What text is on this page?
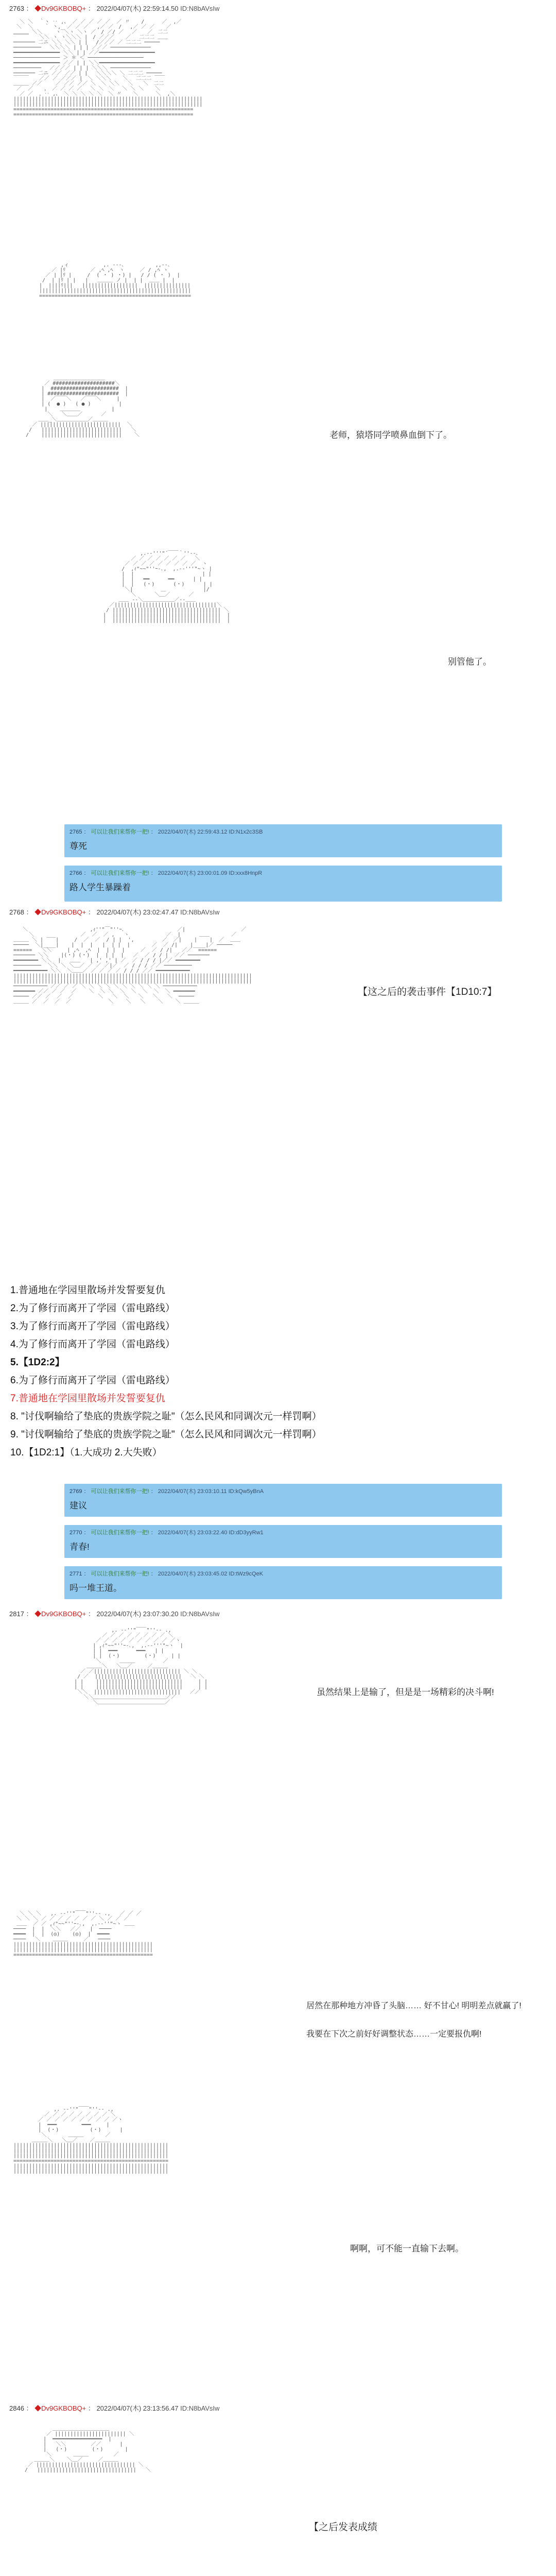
2763 ： ◆Dv9GKBOBQ+ ： 2022/04/07(木) 22:59:14.50 ID:N8bAVsIw

＼ ＼  ｀ヽ ‥ ,、 ／ ／ ／ ／ ／  ／ 〃 　 /   　 ／  ,／
＼  ＼ 　 ｀ 丶,_ ／ ／ ／　 ,／ ／　/　 ,／ ／ ／ 　 ／
＿＿＿ ＼＼　　 ヽ ＼ヽ ＼ヽ ／　/ ／/ ／ 　／　　／　二二
￣￣￣　　＼＼ ヽ ヽ＼＼＼ |　/ ／／／ 　 ／　 二二二 ＿＿
─────── 二ニ ＼＼ ＼＼ | | 　/／／／ ／ 二二二 ─────
─────────　 ＼＼＼＼ | | | ／／／ ─────────────
━━━━━━━━━━━━━━━ ＼＼ | | ／／━━━━━━━━━━━━━━━━━━
─────────────── ＞ ＊ ＜ ──────────────────
━━━━━━━━━━━━━━━ ／／ | | ＼＼━━━━━━━━━━━━━━━━━━
─────────　 ／／／／ | | | ＼＼＼ ─────────────
─────── 二ニ ／／ ／／ | | 　＼＼＼＼ ＼ 二二二 ─────
￣￣￣　　／／ ／ ／／／ |　＼ ＼＼＼ 　 ＼　 二二二 ￣￣
＿＿＿ ／／　　 ／ ／／ ／／ ＼　＼ ＼＼ 　＼　　＼　二二
／  ／ 　 ，　／ ／ ／ ／　 ＼ ＼　＼　 ＼ ＼ ＼ 　 ＼
／ ／  ，‥ ,、 ＼ ＼ ＼ ＼ ＼  ＼ 〃 　 ＼   　 ＼  ,＼
|||||||||||||||||||||||||||||||||||||||||||||||||||||||||||||
|||||||||||||||||||||||||||||||||||||||||||||||||||||||||||||
==========================================================
==========================================================

,ィ           ,. -‐-､          ,,-‐､
／ |ﾘ        ／ ,ﾍ ,ﾍ  ヽ     ／ / ,ﾍ ヽ
／ | |ﾘ |     /  ( ・ ) ・) |   / / ( ・ )  |
/  | |ﾘ | |   |   ＿＿＿ ノ |  | |  ＿＿ |  |
|  ||||ﾘ|||   ||||||||||||||||||  |||||||||||||||
|||||||||||||||||||||||||||||||||||||||||||||||||
=================================================

＿＿＿＿＿＿＿＿＿＿
／ ####################＼
|  ######################  |
| #######################  |
|  ／￣￣＼   ／￣￣＼     |
| (  ● )   ( ● )         |
|    ＿＿＿＿          |
＼   ＼＿＿／      ／
＿＿_＼＿＿＿＿＿＿／＿＿＿
／ ||||||||||||||||||||||||||  ＼
/   ||||||||||||||||||||||||||   ＼
/    ||||||||||||||||||||||||||    ＼
	老师，猿塔同学喷鼻血倒下了。

,.-‐'''"´￣￣｀''‐-､
／ ／ ／ ／ ／ ／ ／   ＼
／ ／ ／ ／ ／ ／ ／ ／ ／  ヽ
/  ,ｨ"~~"''ｰ-､,  ,.-‐'''"~ヽ |
|  |                      | |
|  |   ━━      ━━      | |
|  |   (・)      (・)      | |
＼|         ＿            |/
＼      ＼＿／      ／
＿＿ ‐‐＼＿＿＿＿＿＿／‐‐＿＿
／|||||||||||||||||||||||||||||||||＼
/ ||||||||||||||||||||||||||||||||||| ＼
|  |||||||||||||||||||||||||||||||||||  |
|  |||||||||||||||||||||||||||||||||||  |

别管他了。
2765 ： 可以让我们来帮你一把! ： 2022/04/07(木) 22:59:43.12 ID:N1x2c3SB
尊死
2766 ： 可以让我们来帮你一把! ： 2022/04/07(木) 23:00:01.09 ID:xxx8HnpR
路人学生暴躁着
2768 ： ◆Dv9GKBOBQ+ ： 2022/04/07(木) 23:02:47.47 ID:N8bAVsIw

＼                    ,ｨ''"￣"''ｰ､                 ／|                  ／
＼    ___        ／  ／  ／ ,   ヽ            ／  |      ＿＿       ／
＿＿＿ ＼ |    |     /  ／  ／  / | |  ',         ／  ／|    |    |  ／  ＿＿
─────  ＼|____|    |  |  |   |  | |  |       ／  ／ /|    |____|／ ─────
======   ＼＼     | ,ﾍ  ,ﾍ  |  | |  |     ／  ／ / /|   ／／  ======
─────── ＼＼    |(・) (・)  |  | |  |   ／  ／ / / |  ／／ ───────
━━━━━━━━ ＼＼  |   ＿＿   | ,' ,' | ／  ／ / / / |／／ ━━━━━━━━
─────────  ＼＼ ＼ ＼＿／ ／ ／ ／|／  ／ / / / ／／ ─────────
━━━━━━━━━━━ ＼＼  ＼＿＿／ ／ ／ ／ ／ / / / ／／ ━━━━━━━━━━━
|||||||||||||||||||||||||||||||||||||||||||||||||||||||||||||||||||||||||||||
|||||||||||||||||||||||||||||||||||||||||||||||||||||||||||||||||||||||||||||
─────────── ／／ ／ ／ ＼ ＼ ＼ ＼ ＼ ＼ ＼ ＼ ＼ ＼ ───────────
━━━━━━━ ／／ ／ ／  ／    ＼  ＼ ＼  ＼  ＼  ＼  ＼  ＼ ━━━━━━━
───── ／／ ／  ／  ／        ＼   ＼  ＼   ＼   ＼   ＼  ─────
＿＿＿ ／  ／  ／  ／            ＼    ＼   ＼    ＼    ＼ ＿＿＿

【这之后的袭击事件【1D10:7】
1.普通地在学园里散场并发誓要复仇
2.为了修行而离开了学园（雷电路线）
3.为了修行而离开了学园（雷电路线）
4.为了修行而离开了学园（雷电路线）
5.【1D2:2】
6.为了修行而离开了学园（雷电路线）
7.普通地在学园里散场并发誓要复仇
8. "讨伐啊输给了垫底的贵族学院之耻"（怎么民风和同调次元一样罚啊）
9. "讨伐啊输给了垫底的贵族学院之耻"（怎么民风和同调次元一样罚啊）
10.【1D2:1】（1.大成功 2.大失败）
2769 ： 可以让我们来帮你一把! ： 2022/04/07(木) 23:03:10.11 ID:kQw5yBnA
建议
2770 ： 可以让我们来帮你一把! ： 2022/04/07(木) 23:03:22.40 ID:dD3yyRw1
青春!
2771 ： 可以让我们来帮你一把! ： 2022/04/07(木) 23:03:45.02 ID:tWz9cQeK
吗一堆王道。
2817 ： ◆Dv9GKBOBQ+ ： 2022/04/07(木) 23:07:30.20 ID:N8bAVsIw

,. -‐''"￣￣"''‐- .,
／ ／ ／ ／ ／ ／ ／ ／ ＼
／ ／ ／ ／ ／ ／ ／ ／ ／ ／ヽ
| ,ｨ"~~"''ｰ-､,  ,.-‐'''"~ヽ  |
| |  ━━━      ━━━   | |
| |  (・)        (・)     | |
＼      ＿＿＿         ／
＿＿＿＼   ＼＿／     ／＿＿＿
／ ／|||||||||||||||||||||||||||| ＼ ＼
/ ／  ||||||||||||||||||||||||||||   ＼ ＼
| |    ||||||||||||||||||||||||||||     | |
| |    ||||||||||||||||||||||||||||     | |
＼＼  ||||||||||||||||||||||||||||   ／／
＼＼＿＿＿＿＿＿＿＿＿＿＿＿＿＿／／
＼＿＿＿＿＿＿＿＿＿＿＿＿＿／

虽然结果上是输了，但是是一场精彩的决斗啊!

＼ ＼ ＼   ,. -‐''"￣￣"''‐- .,   ／ ／ ／
＼ ＼ ＼ ／ ／ ／ ／ ／ ／ ／ ＼ ／ ／ ／
＿＿  ／ ／ ,ｨ"~~"''ｰ-､,  ,.-‐''"~ヽ ＿＿
────  |  |  ＼＼   ／／   |  ────
━━━━  |  |  (◎)    (◎)  |  ━━━━
────   ＼    ＿＿＿     ／   ────
|||||||||||||||||||||||||||||||||||||||||||||
|||||||||||||||||||||||||||||||||||||||||||||
=============================================

居然在那种地方冲昏了头脑…… 好不甘心! 明明差点就赢了!
我要在下次之前好好调整状态……一定要报仇啊!

,. -‐''"￣￣"''‐- .,
／ ／ ／ ／ ／ ／ ／ ／ ＼
／ ／ ／ ／ ／ ／ ／ ／ ／ ／ヽ
|  ━━━        ━━━     |
|  (・)          (・)      |
＼       ＿＿＿       ／
＿＿＿＼   ＼＿／    ／＿＿＿
||||||||||||||||||||||||||||||||||||||||||||||||||
||||||||||||||||||||||||||||||||||||||||||||||||||
||||||||||||||||||||||||||||||||||||||||||||||||||
==================================================
||||||||||||||||||||||||||||||||||||||||||||||||||
||||||||||||||||||||||||||||||||||||||||||||||||||

啊啊，可不能一直输下去啊。
2846 ： ◆Dv9GKBOBQ+ ： 2022/04/07(木) 23:13:56.47 ID:N8bAVsIw

＿＿＿＿＿＿＿＿＿＿＿
／ ||||||||||||||||||||||| ＼
|  ━━━━━━━━━━━━━━━━  |
|   ＼＼        ／／      |
|   (・)        (・)       |
＼       ＿＿＿        ／
＿＿＿＼    ＼＿／     ／＿＿＿
／ |||||||||||||||||||||||||||||||| ＼
/   ||||||||||||||||||||||||||||||||   ＼

【之后发表成绩
